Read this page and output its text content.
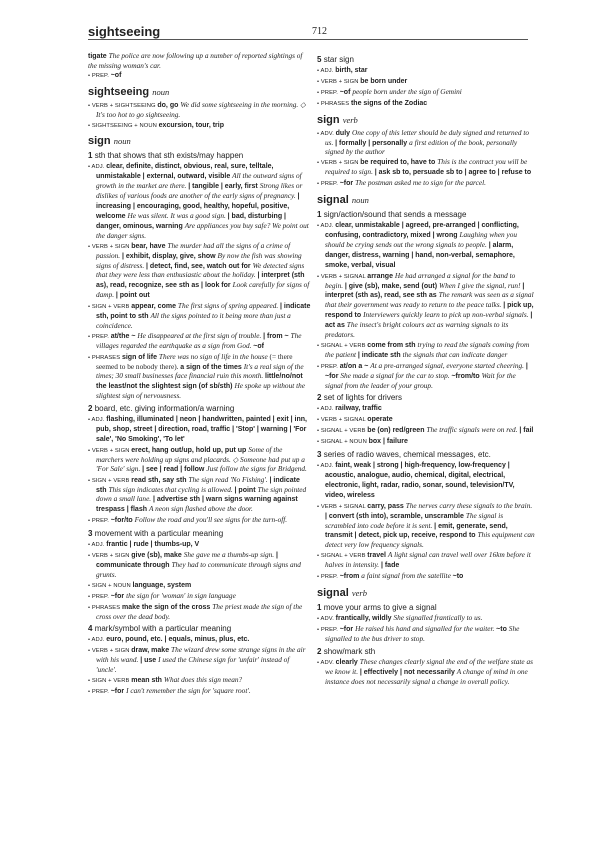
sightseeing	712
tigate The police are now following up a number of reported sightings of the missing woman's car.
• PREP. ~of
sightseeing noun
• VERB + SIGHTSEEING do, go We did some sightseeing in the morning. ◇ It's too hot to go sightseeing.
• SIGHTSEEING + NOUN excursion, tour, trip
sign noun
1 sth that shows that sth exists/may happen
• ADJ. clear, definite, distinct, obvious, real, sure, telltale, unmistakable | external, outward, visible All the outward signs of growth in the market are there. | tangible | early, first Strong likes or dislikes of various foods are another of the early signs of pregnancy. | increasing | encouraging, good, healthy, hopeful, positive, welcome He was silent. It was a good sign. | bad, disturbing | danger, ominous, warning Are appliances you buy safe? We point out the danger signs.
• VERB + SIGN bear, have The murder had all the signs of a crime of passion. | exhibit, display, give, show By now the fish was showing signs of distress. | detect, find, see, watch out for We detected signs that they were less than enthusiastic about the holiday. | interpret (sth as), read, recognize, see sth as | look for Look carefully for signs of damp. | point out
• SIGN + VERB appear, come The first signs of spring appeared. | indicate sth, point to sth All the signs pointed to it being more than just a coincidence.
• PREP. at/the ~ He disappeared at the first sign of trouble. | from ~ The villages regarded the earthquake as a sign from God. ~of
• PHRASES sign of life There was no sign of life in the house (= there seemed to be nobody there). a sign of the times It's a real sign of the times; 30 small businesses face financial ruin this month. little/no/not the least/not the slightest sign (of sb/sth) He spoke up without the slightest sign of nervousness.
2 board, etc. giving information/a warning
• ADJ. flashing, illuminated | neon | handwritten, painted | exit | inn, pub, shop, street | direction, road, traffic | 'Stop' | warning | 'For sale', 'No Smoking', 'To let'
• VERB + SIGN erect, hang out/up, hold up, put up Some of the marchers were holding up signs and placards. ◇ Someone had put up a 'For Sale' sign. | see | read | follow Just follow the signs for Bridgend.
• SIGN + VERB read sth, say sth The sign read 'No Fishing'. | indicate sth This sign indicates that cycling is allowed. | point The sign pointed down a small lane. | advertise sth | warn signs warning against trespass | flash A neon sign flashed above the door.
• PREP. ~for/to Follow the road and you'll see signs for the turn-off.
3 movement with a particular meaning
• ADJ. frantic | rude | thumbs-up, V
• VERB + SIGN give (sb), make She gave me a thumbs-up sign. | communicate through They had to communicate through signs and grunts.
• SIGN + NOUN language, system
• PREP. ~for the sign for 'woman' in sign language
• PHRASES make the sign of the cross The priest made the sign of the cross over the dead body.
4 mark/symbol with a particular meaning
• ADJ. euro, pound, etc. | equals, minus, plus, etc.
• VERB + SIGN draw, make The wizard drew some strange signs in the air with his wand. | use I used the Chinese sign for 'unfair' instead of 'uncle'.
• SIGN + VERB mean sth What does this sign mean?
• PREP. ~for I can't remember the sign for 'square root'.
5 star sign
• ADJ. birth, star
• VERB + SIGN be born under
• PREP. ~of people born under the sign of Gemini
• PHRASES the signs of the Zodiac
sign verb
• ADV. duly One copy of this letter should be duly signed and returned to us. | formally | personally a first edition of the book, personally signed by the author
• VERB + SIGN be required to, have to This is the contract you will be required to sign. | ask sb to, persuade sb to | agree to | refuse to
• PREP. ~for The postman asked me to sign for the parcel.
signal noun
1 sign/action/sound that sends a message
• ADJ. clear, unmistakable | agreed, pre-arranged | conflicting, confusing, contradictory, mixed | wrong Laughing when you should be crying sends out the wrong signals to people. | alarm, danger, distress, warning | hand, non-verbal, semaphore, smoke, verbal, visual
• VERB + SIGNAL arrange He had arranged a signal for the band to begin. | give (sb), make, send (out) When I give the signal, run! | interpret (sth as), read, see sth as The remark was seen as a signal that their government was ready to return to the peace talks. | pick up, respond to Interviewers quickly learn to pick up non-verbal signals. | act as The insect's bright colours act as warning signals to its predators.
• SIGNAL + VERB come from sth trying to read the signals coming from the patient | indicate sth the signals that can indicate danger
• PREP. at/on a ~ At a pre-arranged signal, everyone started cheering. | ~for She made a signal for the car to stop. ~from/to Wait for the signal from the leader of your group.
2 set of lights for drivers
• ADJ. railway, traffic
• VERB + SIGNAL operate
• SIGNAL + VERB be (on) red/green The traffic signals were on red. | fail
• SIGNAL + NOUN box | failure
3 series of radio waves, chemical messages, etc.
• ADJ. faint, weak | strong | high-frequency, low-frequency | acoustic, analogue, audio, chemical, digital, electrical, electronic, light, radar, radio, sonar, sound, television/TV, video, wireless
• VERB + SIGNAL carry, pass The nerves carry these signals to the brain. | convert (sth into), scramble, unscramble The signal is scrambled into code before it is sent. | emit, generate, send, transmit | detect, pick up, receive, respond to This equipment can detect very low frequency signals.
• SIGNAL + VERB travel A light signal can travel well over 16km before it halves in intensity. | fade
• PREP. ~from a faint signal from the satellite ~to
signal verb
1 move your arms to give a signal
• ADV. frantically, wildly She signalled frantically to us.
• PREP. ~for He raised his hand and signalled for the waiter. ~to She signalled to the bus driver to stop.
2 show/mark sth
• ADV. clearly These changes clearly signal the end of the welfare state as we know it. | effectively | not necessarily A change of mind in one instance does not necessarily signal a change in overall policy.
